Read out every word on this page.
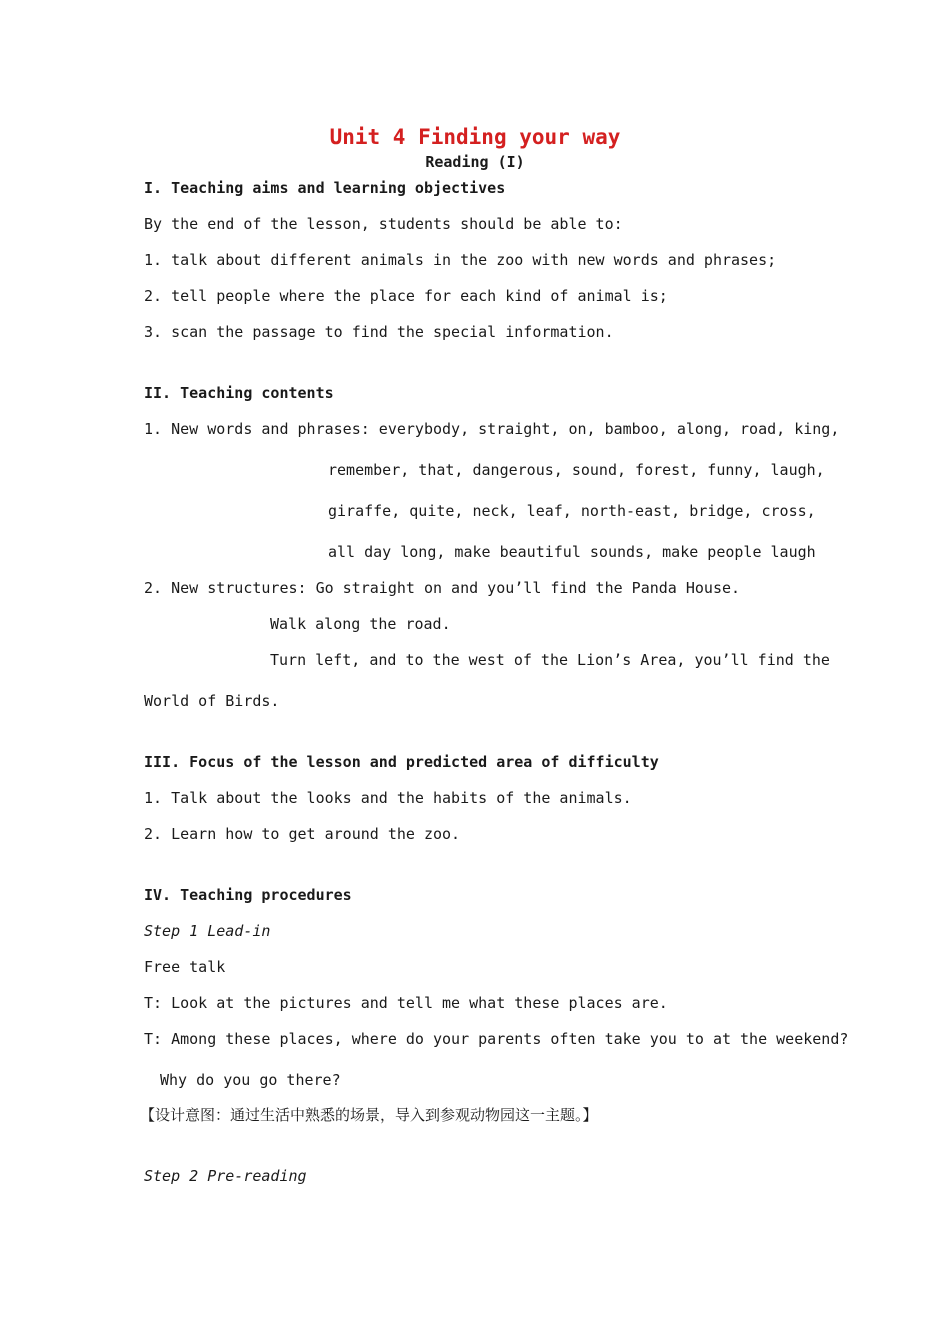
Unit 4 Finding your way
Reading (I)
I. Teaching aims and learning objectives
By the end of the lesson, students should be able to:
1. talk about different animals in the zoo with new words and phrases;
2. tell people where the place for each kind of animal is;
3. scan the passage to find the special information.
II. Teaching contents
1. New words and phrases: everybody, straight, on, bamboo, along, road, king,
remember, that, dangerous, sound, forest, funny, laugh,
giraffe, quite, neck, leaf, north-east, bridge, cross,
all day long, make beautiful sounds, make people laugh
2. New structures: Go straight on and you’ll find the Panda House.
Walk along the road.
Turn left, and to the west of the Lion’s Area, you’ll find the
World of Birds.
III. Focus of the lesson and predicted area of difficulty
1. Talk about the looks and the habits of the animals.
2. Learn how to get around the zoo.
IV. Teaching procedures
Step 1 Lead-in
Free talk
T: Look at the pictures and tell me what these places are.
T: Among these places, where do your parents often take you to at the weekend?
Why do you go there?
【设计意图：通过生活中熟悉的场景，导入到参观动物园这一主题。】
Step 2 Pre-reading
